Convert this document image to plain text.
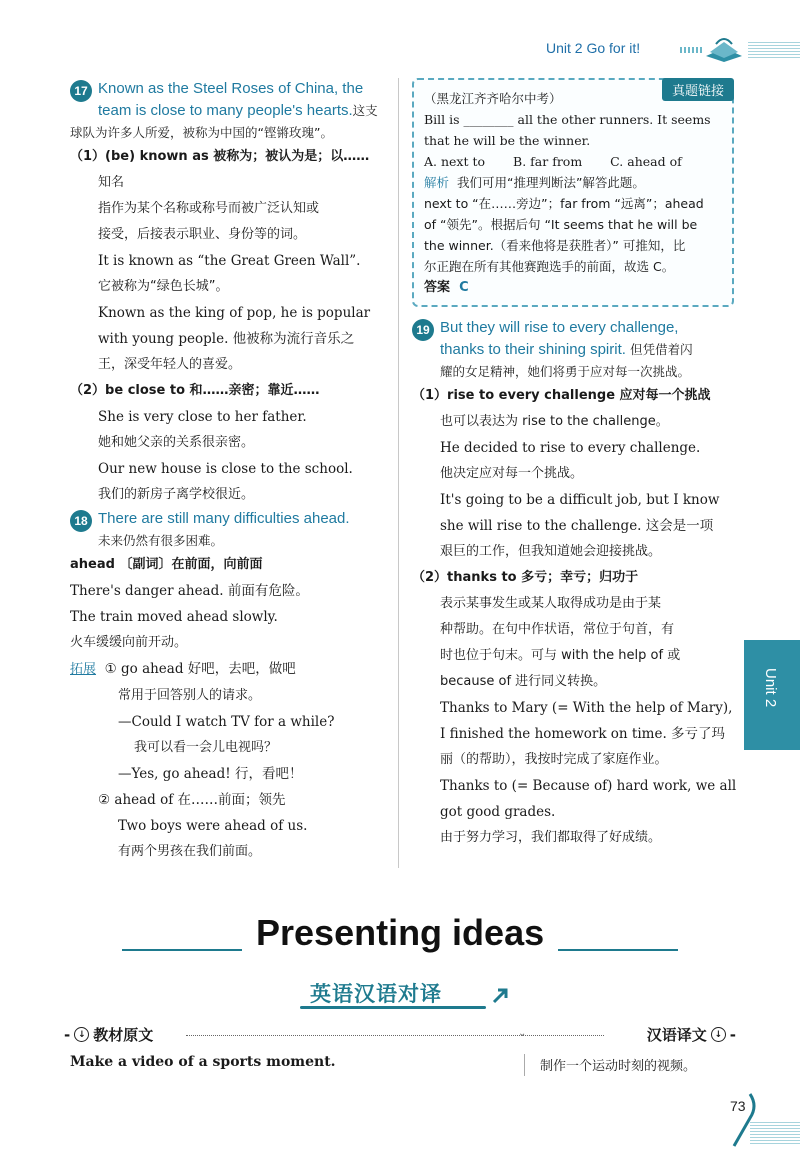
Unit 2 Go for it!
17 Known as the Steel Roses of China, the
team is close to many people's hearts.这支
球队为许多人所爱，被称为中国的“铿锵玫瑰”。
（1）(be) known as 被称为；被认为是；以……
知名
指作为某个名称或称号而被广泛认知或
接受，后接表示职业、身份等的词。
It is known as “the Great Green Wall”.
它被称为“绿色长城”。
Known as the king of pop, he is popular
with young people. 他被称为流行音乐之
王，深受年轻人的喜爱。
（2）be close to 和……亲密；靠近……
She is very close to her father.
她和她父亲的关系很亲密。
Our new house is close to the school.
我们的新房子离学校很近。
18 There are still many difficulties ahead.
未来仍然有很多困难。
ahead 〔副词〕在前面，向前面
There's danger ahead. 前面有危险。
The train moved ahead slowly.
火车缓缓向前开动。
拓展 ① go ahead 好吧，去吧，做吧
常用于回答别人的请求。
—Could I watch TV for a while?
我可以看一会儿电视吗？
—Yes, go ahead! 行，看吧！
② ahead of 在……前面；领先
Two boys were ahead of us.
有两个男孩在我们前面。
真题链接
（黑龙江齐齐哈尔中考）
Bill is ________ all the other runners. It seems
that he will be the winner.
A. next to B. far from C. ahead of
解析 我们可用“推理判断法”解答此题。
next to “在……旁边”；far from “远离”；ahead
of “领先”。根据后句 “It seems that he will be
the winner.（看来他将是获胜者）” 可推知，比
尔正跑在所有其他赛跑选手的前面，故选 C。
答案 C
19 But they will rise to every challenge,
thanks to their shining spirit. 但凭借着闪
耀的女足精神，她们将勇于应对每一次挑战。
（1）rise to every challenge 应对每一个挑战
也可以表达为 rise to the challenge。
He decided to rise to every challenge.
他决定应对每一个挑战。
It's going to be a difficult job, but I know
she will rise to the challenge. 这会是一项
艰巨的工作，但我知道她会迎接挑战。
（2）thanks to 多亏；幸亏；归功于
表示某事发生或某人取得成功是由于某
种帮助。在句中作状语，常位于句首，有
时也位于句末。可与 with the help of 或
because of 进行同义转换。
Thanks to Mary (= With the help of Mary),
I finished the homework on time. 多亏了玛
丽（的帮助），我按时完成了家庭作业。
Thanks to (= Because of) hard work, we all
got good grades.
由于努力学习，我们都取得了好成绩。
Unit 2
Presenting ideas
英语汉语对译
- ↓ 教材原文	⌄	汉语译文 ↓ -
Make a video of a sports moment.	制作一个运动时刻的视频。
73
